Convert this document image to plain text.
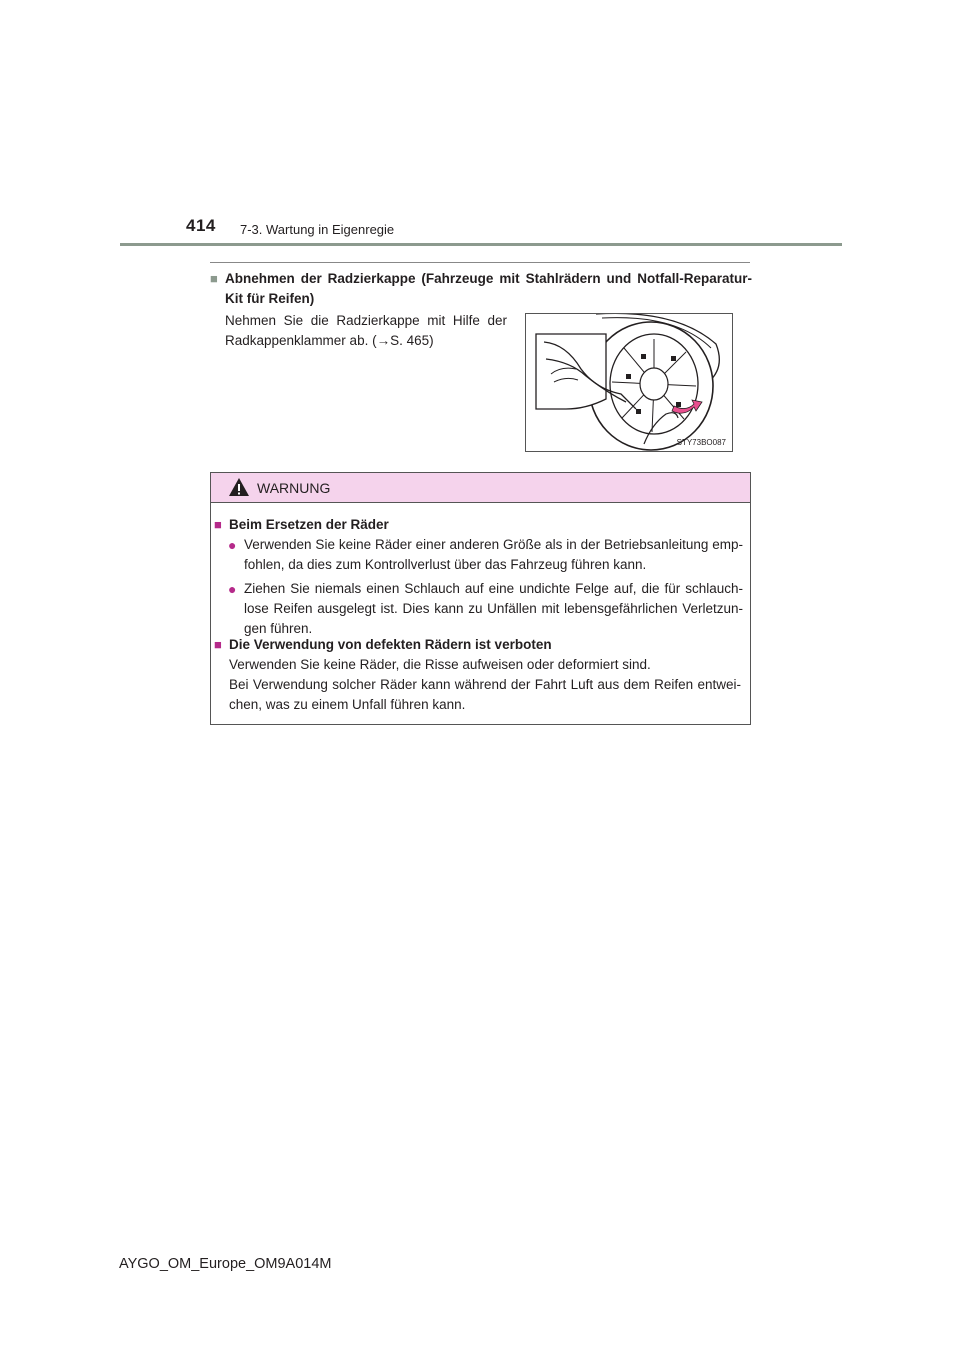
414 7-3. Wartung in Eigenregie
■ Abnehmen der Radzierkappe (Fahrzeuge mit Stahlrädern und Notfall-Reparatur-Kit für Reifen)
Nehmen Sie die Radzierkappe mit Hilfe der Radkappenklammer ab. (→S. 465)
STY73BO087
WARNUNG
■ Beim Ersetzen der Räder
● Verwenden Sie keine Räder einer anderen Größe als in der Betriebsanleitung emp-fohlen, da dies zum Kontrollverlust über das Fahrzeug führen kann.
● Ziehen Sie niemals einen Schlauch auf eine undichte Felge auf, die für schlauch-lose Reifen ausgelegt ist. Dies kann zu Unfällen mit lebensgefährlichen Verletzun-gen führen.
■ Die Verwendung von defekten Rädern ist verboten
Verwenden Sie keine Räder, die Risse aufweisen oder deformiert sind.
Bei Verwendung solcher Räder kann während der Fahrt Luft aus dem Reifen entwei-chen, was zu einem Unfall führen kann.
AYGO_OM_Europe_OM9A014M
